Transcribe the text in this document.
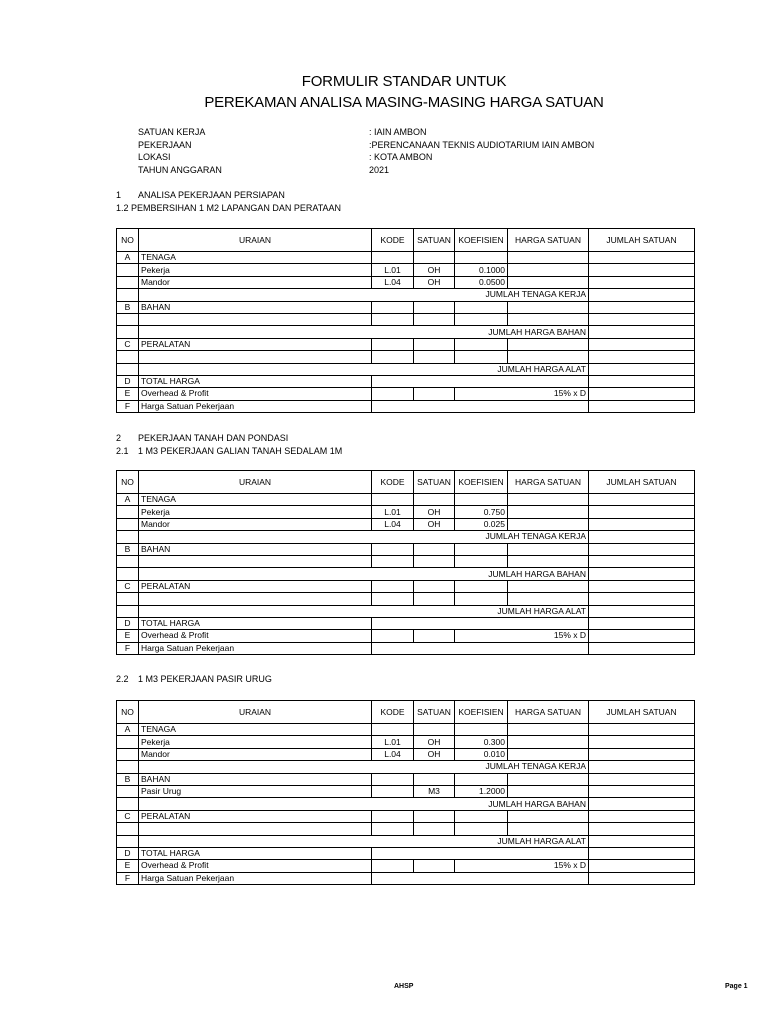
FORMULIR STANDAR UNTUK
PEREKAMAN ANALISA MASING-MASING HARGA SATUAN
SATUAN KERJA	: IAIN AMBON
PEKERJAAN	:PERENCANAAN TEKNIS AUDIOTARIUM IAIN AMBON
LOKASI	: KOTA AMBON
TAHUN ANGGARAN	2021
1 ANALISA PEKERJAAN PERSIAPAN
1.2 PEMBERSIHAN 1 M2 LAPANGAN DAN PERATAAN
NO	URAIAN	KODE	SATUAN	KOEFISIEN	HARGA SATUAN	JUMLAH SATUAN
A	TENAGA					
	Pekerja	L.01	OH	0.1000		
	Mandor	L.04	OH	0.0500		
	JUMLAH TENAGA KERJA					
B	BAHAN					

	JUMLAH HARGA BAHAN					
C	PERALATAN					

	JUMLAH HARGA ALAT					
D	TOTAL HARGA					
E	Overhead & Profit			15% x D		
F	Harga Satuan Pekerjaan					
2 PEKERJAAN TANAH DAN PONDASI
2.1 1 M3 PEKERJAAN GALIAN TANAH SEDALAM 1M
NO	URAIAN	KODE	SATUAN	KOEFISIEN	HARGA SATUAN	JUMLAH SATUAN
A	TENAGA					
	Pekerja	L.01	OH	0.750		
	Mandor	L.04	OH	0.025		
	JUMLAH TENAGA KERJA					
B	BAHAN					

	JUMLAH HARGA BAHAN					
C	PERALATAN					

	JUMLAH HARGA ALAT					
D	TOTAL HARGA					
E	Overhead & Profit			15% x D		
F	Harga Satuan Pekerjaan					
2.2 1 M3 PEKERJAAN PASIR URUG
NO	URAIAN	KODE	SATUAN	KOEFISIEN	HARGA SATUAN	JUMLAH SATUAN
A	TENAGA					
	Pekerja	L.01	OH	0.300		
	Mandor	L.04	OH	0.010		
	JUMLAH TENAGA KERJA					
B	BAHAN					
	Pasir Urug		M3	1.2000		
	JUMLAH HARGA BAHAN					
C	PERALATAN					

	JUMLAH HARGA ALAT					
D	TOTAL HARGA					
E	Overhead & Profit			15% x D		
F	Harga Satuan Pekerjaan					
AHSP	Page 1
